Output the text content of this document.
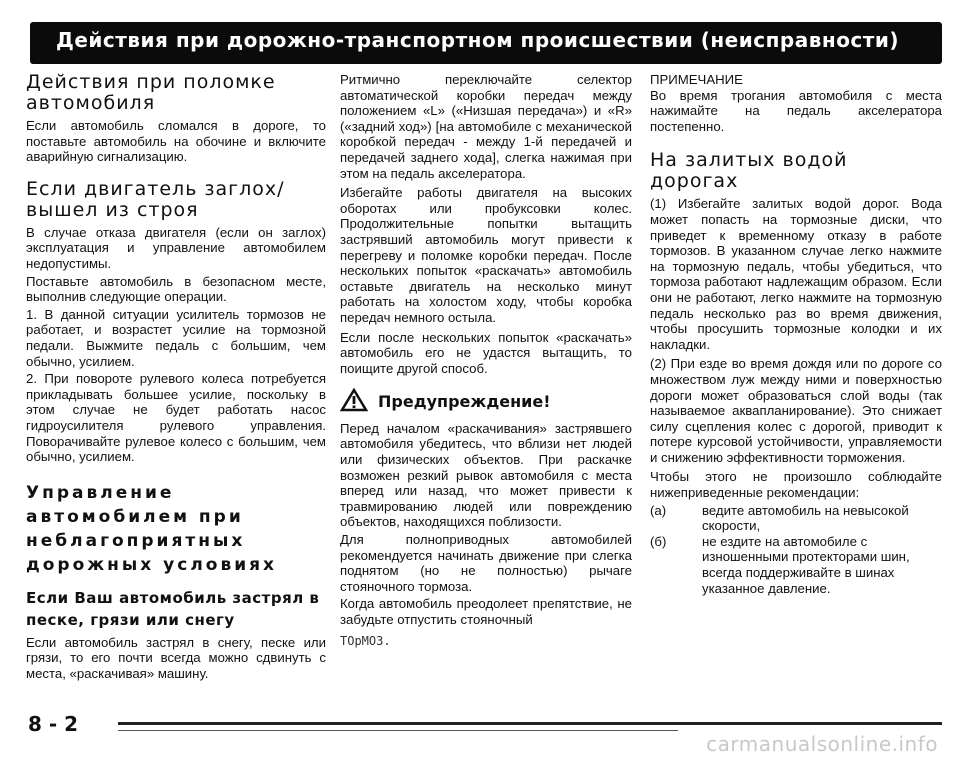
Действия при дорожно-транспортном происшествии (неисправности)
Действия при поломке автомобиля

Если автомобиль сломался в дороге, то поставьте автомобиль на обочине и включите аварийную сигнализацию.

Если двигатель заглох/вышел из строя

В случае отказа двигателя (если он заглох) эксплуатация и управление автомобилем недопустимы.

Поставьте автомобиль в безопасном месте, выполнив следующие операции.

1. В данной ситуации усилитель тормозов не работает, и возрастет усилие на тормозной педали. Выжмите педаль с большим, чем обычно, усилием.

2. При повороте рулевого колеса потребуется прикладывать большее усилие, поскольку в этом случае не будет работать насос гидроусилителя рулевого управления. Поворачивайте рулевое колесо с большим, чем обычно, усилием.

Управление автомобилем при неблагоприятных дорожных условиях
Если Ваш автомобиль застрял в песке, грязи или снегу

Если автомобиль застрял в снегу, песке или грязи, то его почти всегда можно сдвинуть с места, «раскачивая» машину.

Ритмично переключайте селектор автоматической коробки передач между положением «L» («Низшая передача») и «R» («задний ход») [на автомобиле с механической коробкой передач - между 1-й передачей и передачей заднего хода], слегка нажимая при этом на педаль акселератора.

Избегайте работы двигателя на высоких оборотах или пробуксовки колес. Продолжительные попытки вытащить застрявший автомобиль могут привести к перегреву и поломке коробки передач. После нескольких попыток «раскачать» автомобиль оставьте двигатель на несколько минут работать на холостом ходу, чтобы коробка передач немного остыла.

Если после нескольких попыток «раскачать» автомобиль его не удастся вытащить, то поищите другой способ.

Предупреждение!

Перед началом «раскачивания» застрявшего автомобиля убедитесь, что вблизи нет людей или физических объектов. При раскачке возможен резкий рывок автомобиля с места вперед или назад, что может привести к травмированию людей или повреждению объектов, находящихся поблизости.

Для полноприводных автомобилей рекомендуется начинать движение при слегка поднятом (но не полностью) рычаге стояночного тормоза.

Когда автомобиль преодолеет препятствие, не забудьте отпустить стояночный

TOpMO3.
ПРИМЕЧАНИЕ

Во время трогания автомобиля с места нажимайте на педаль акселератора постепенно.

На залитых водой дорогах

(1) Избегайте залитых водой дорог. Вода может попасть на тормозные диски, что приведет к временному отказу в работе тормозов. В указанном случае легко нажмите на тормозную педаль, чтобы убедиться, что тормоза работают надлежащим образом. Если они не работают, легко нажмите на тормозную педаль несколько раз во время движения, чтобы просушить тормозные колодки и их накладки.

(2) При езде во время дождя или по дороге со множеством луж между ними и поверхностью дороги может образоваться слой воды (так называемое аквапланирование). Это снижает силу сцепления колес с дорогой, приводит к потере курсовой устойчивости, управляемости и снижению эффективности торможения.

Чтобы этого не произошло соблюдайте нижеприведенные рекомендации:

(а)	ведите автомобиль на невысокой скорости,
(б)	не ездите на автомобиле с изношенными протекторами шин, всегда поддерживайте в шинах указанное давление.
8 - 2
carmanualsonline.info
